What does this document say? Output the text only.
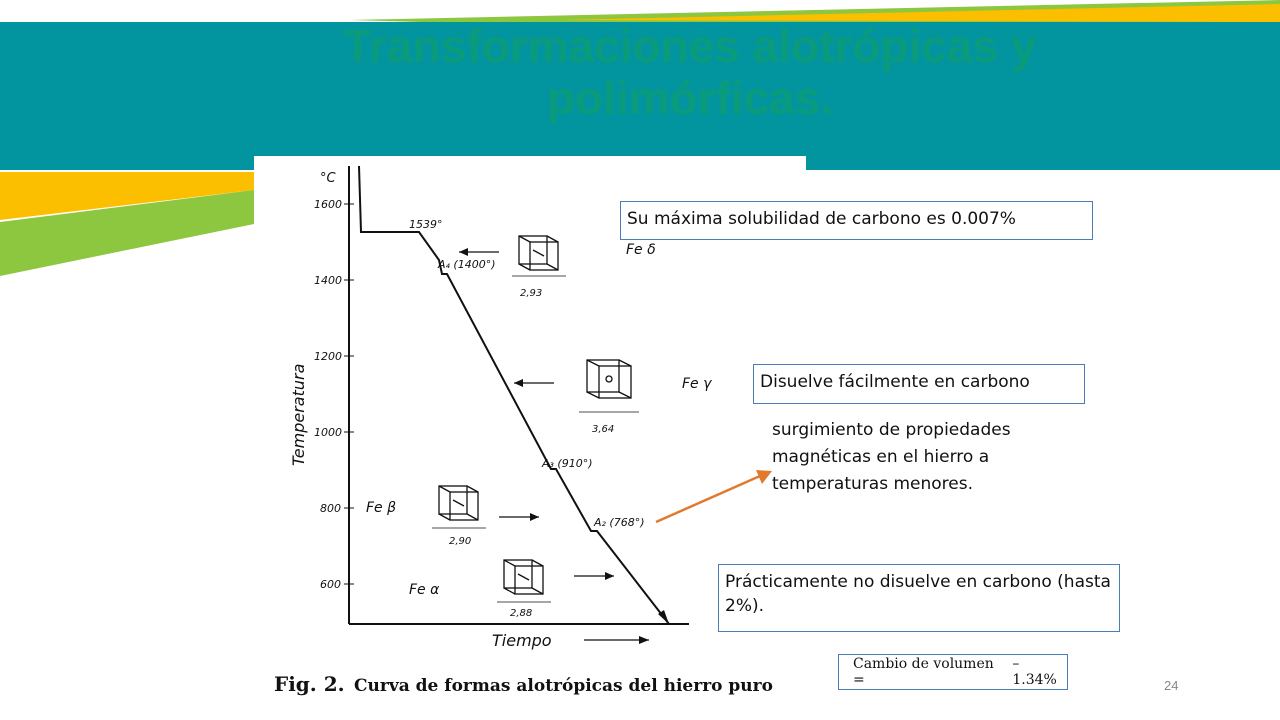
Transformaciones alotrópicas y polimórficas.
°C
1600
1400
1200
1000
800
600
Temperatura
Tiempo
1539°
A₄ (1400°)
A₃ (910°)
A₂ (768°)
2,93
Fe δ
3,64
Fe γ
2,90
Fe β
2,88
Fe α
Fig. 2. Curva de formas alotrópicas del hierro puro
Su máxima solubilidad de carbono es 0.007%
Disuelve fácilmente en carbono
surgimiento de propiedades magnéticas en el hierro a temperaturas menores.
Prácticamente no disuelve en carbono (hasta 2%).
Cambio de volumen =
– 1.34%	24
